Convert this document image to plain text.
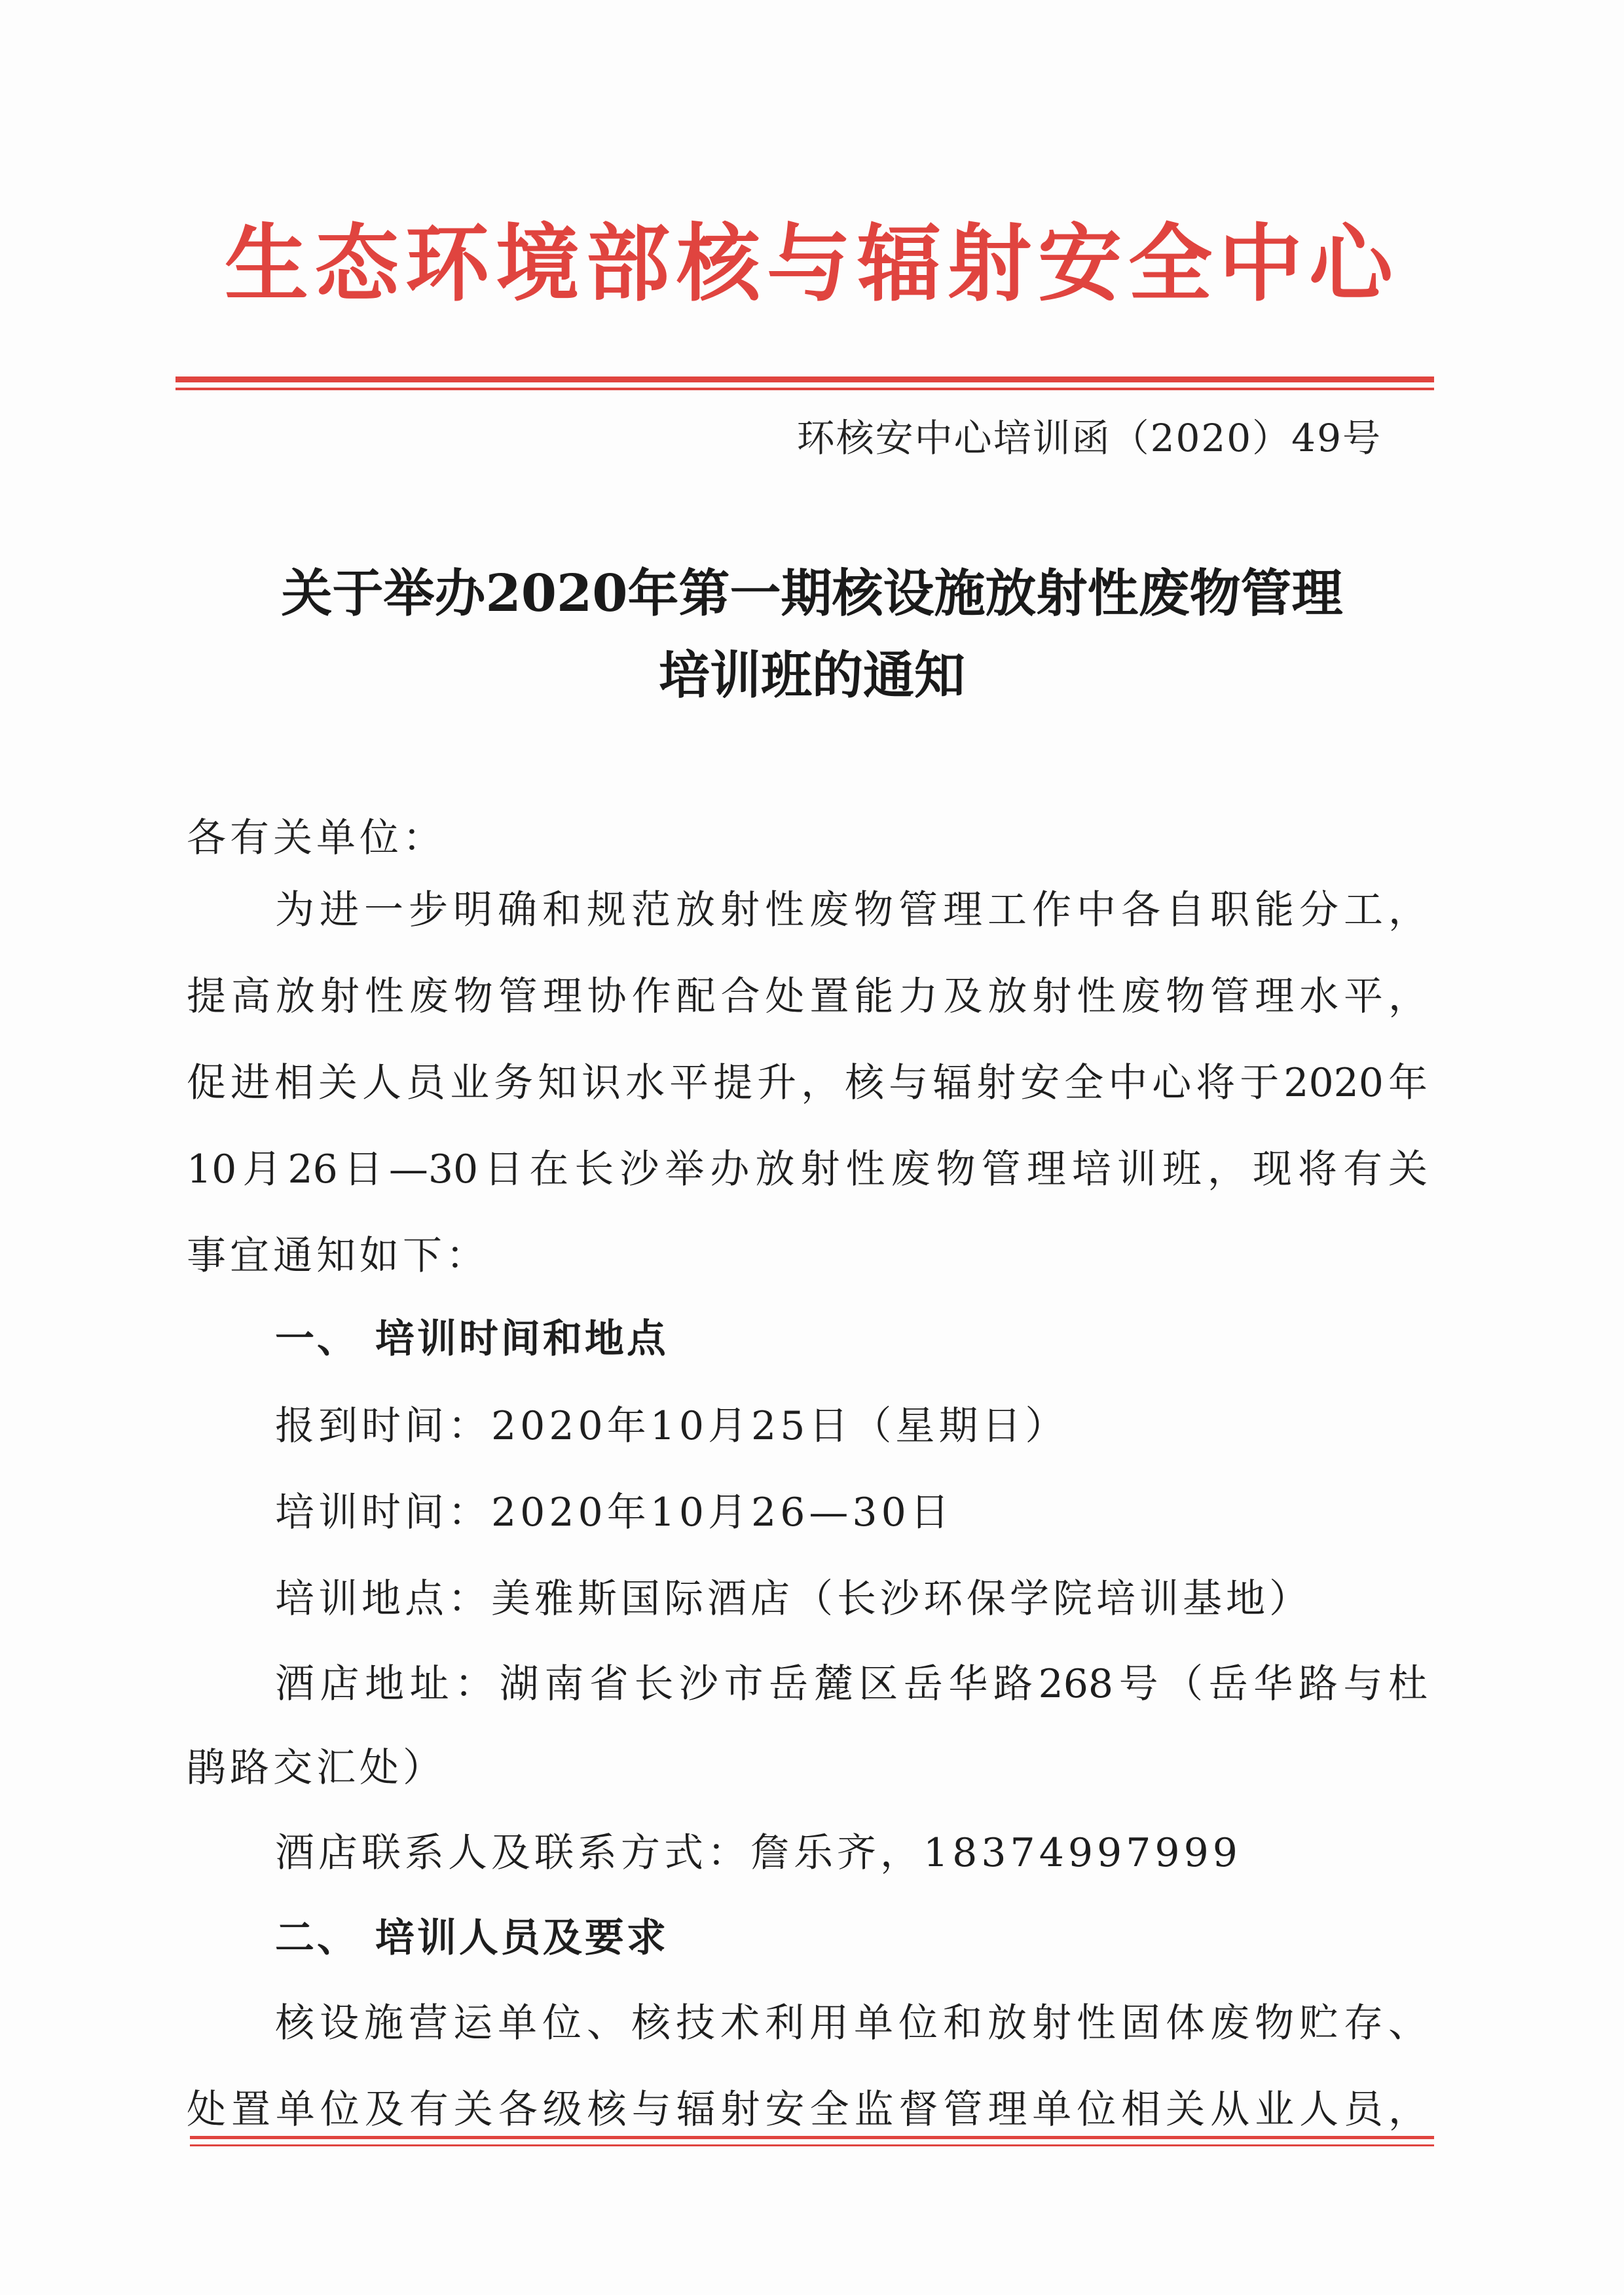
生态环境部核与辐射安全中心
环核安中心培训函（2020）49号
关于举办2020年第一期核设施放射性废物管理
培训班的通知
各有关单位：
为进一步明确和规范放射性废物管理工作中各自职能分工，
提高放射性废物管理协作配合处置能力及放射性废物管理水平，
促进相关人员业务知识水平提升，核与辐射安全中心将于2020年
10月26日—30日在长沙举办放射性废物管理培训班，现将有关
事宜通知如下：
一、 培训时间和地点
报到时间：2020年10月25日（星期日）
培训时间：2020年10月26—30日
培训地点：美雅斯国际酒店（长沙环保学院培训基地）
酒店地址：湖南省长沙市岳麓区岳华路268号（岳华路与杜
鹃路交汇处）
酒店联系人及联系方式：詹乐齐，18374997999
二、 培训人员及要求
核设施营运单位、核技术利用单位和放射性固体废物贮存、
处置单位及有关各级核与辐射安全监督管理单位相关从业人员，
